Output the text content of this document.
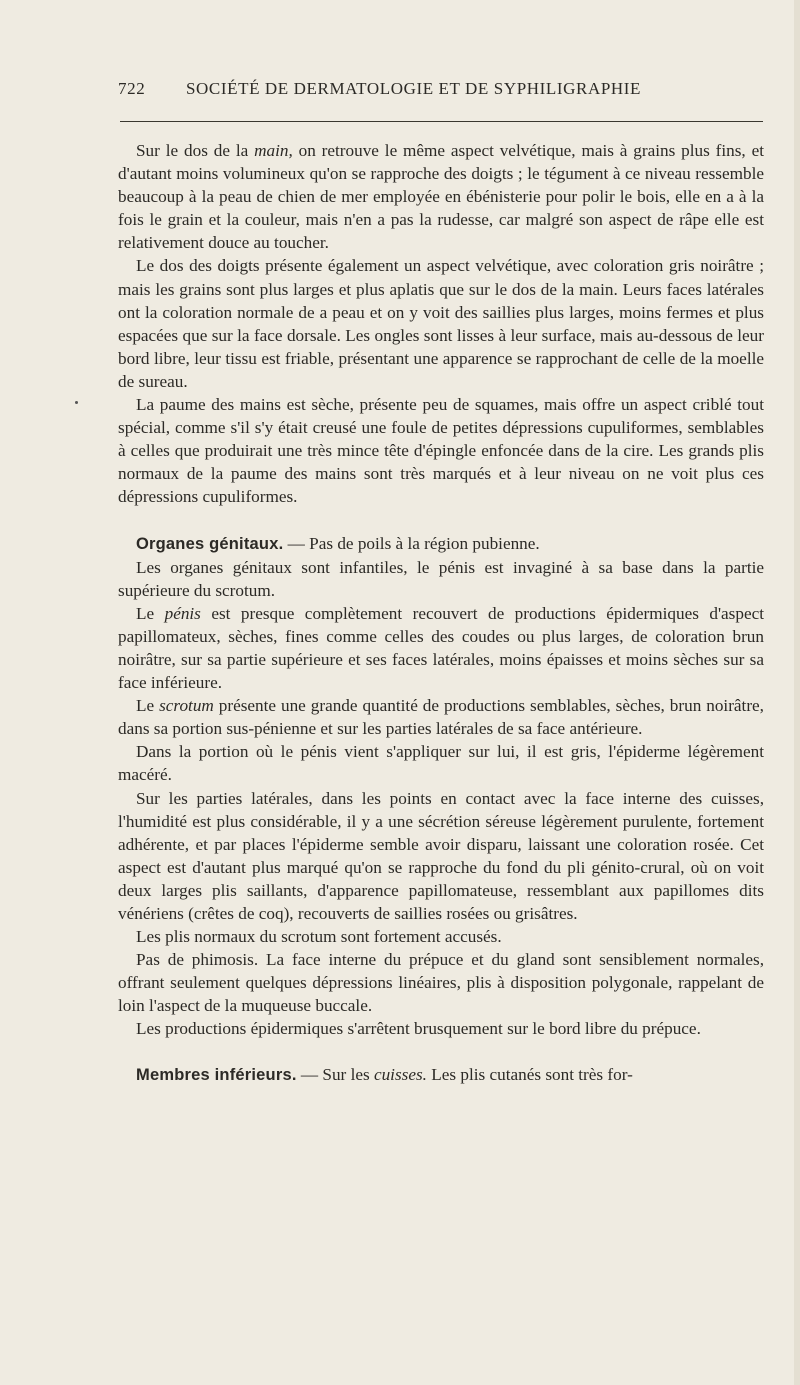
722 SOCIÉTÉ DE DERMATOLOGIE ET DE SYPHILIGRAPHIE

Sur le dos de la main, on retrouve le même aspect velvétique, mais à grains plus fins, et d'autant moins volumineux qu'on se rapproche des doigts ; le tégument à ce niveau ressemble beaucoup à la peau de chien de mer employée en ébénisterie pour polir le bois, elle en a à la fois le grain et la couleur, mais n'en a pas la rudesse, car malgré son aspect de râpe elle est relativement douce au toucher.

Le dos des doigts présente également un aspect velvétique, avec coloration gris noirâtre ; mais les grains sont plus larges et plus aplatis que sur le dos de la main. Leurs faces latérales ont la coloration normale de a peau et on y voit des saillies plus larges, moins fermes et plus espacées que sur la face dorsale. Les ongles sont lisses à leur surface, mais au-dessous de leur bord libre, leur tissu est friable, présentant une apparence se rapprochant de celle de la moelle de sureau.

La paume des mains est sèche, présente peu de squames, mais offre un aspect criblé tout spécial, comme s'il s'y était creusé une foule de petites dépressions cupuliformes, semblables à celles que produirait une très mince tête d'épingle enfoncée dans de la cire. Les grands plis normaux de la paume des mains sont très marqués et à leur niveau on ne voit plus ces dépressions cupuliformes.

Organes génitaux. — Pas de poils à la région pubienne.

Les organes génitaux sont infantiles, le pénis est invaginé à sa base dans la partie supérieure du scrotum.

Le pénis est presque complètement recouvert de productions épidermiques d'aspect papillomateux, sèches, fines comme celles des coudes ou plus larges, de coloration brun noirâtre, sur sa partie supérieure et ses faces latérales, moins épaisses et moins sèches sur sa face inférieure.

Le scrotum présente une grande quantité de productions semblables, sèches, brun noirâtre, dans sa portion sus-pénienne et sur les parties latérales de sa face antérieure.

Dans la portion où le pénis vient s'appliquer sur lui, il est gris, l'épiderme légèrement macéré.

Sur les parties latérales, dans les points en contact avec la face interne des cuisses, l'humidité est plus considérable, il y a une sécrétion séreuse légèrement purulente, fortement adhérente, et par places l'épiderme semble avoir disparu, laissant une coloration rosée. Cet aspect est d'autant plus marqué qu'on se rapproche du fond du pli génito-crural, où on voit deux larges plis saillants, d'apparence papillomateuse, ressemblant aux papillomes dits vénériens (crêtes de coq), recouverts de saillies rosées ou grisâtres.

Les plis normaux du scrotum sont fortement accusés.

Pas de phimosis. La face interne du prépuce et du gland sont sensiblement normales, offrant seulement quelques dépressions linéaires, plis à disposition polygonale, rappelant de loin l'aspect de la muqueuse buccale.

Les productions épidermiques s'arrêtent brusquement sur le bord libre du prépuce.

Membres inférieurs. — Sur les cuisses. Les plis cutanés sont très for-
